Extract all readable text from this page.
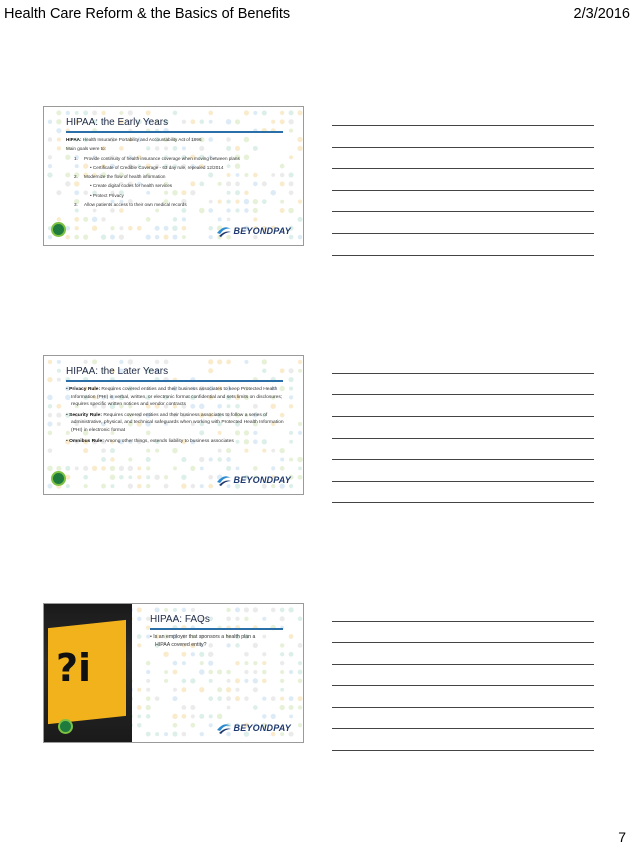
Health Care Reform & the Basics of Benefits	2/3/2016
HIPAA: the Early Years

HIPAA: Health Insurance Portability and Accountability Act of 1996

Main goals were to:

1. Provide continuity of health insurance coverage when moving between plans

• Certificate of Credible Coverage - 63 day rule, repealed 12/2014

2. Modernize the flow of health information

• Create digital codes for health services

• Protect Privacy

3. Allow patients access to their own medical records

BEYONDPAY
HIPAA: the Later Years

• Privacy Rule: Requires covered entities and their business associates to keep Protected Health Information (PHI) in verbal, written, or electronic format confidential and sets limits on disclosures; requires specific written notices and vendor contracts

• Security Rule: Requires covered entities and their business associates to follow a series of administrative, physical, and technical safeguards when working with Protected Health Information (PHI) in electronic format

• Omnibus Rule: Among other things, extends liability to business associates

BEYONDPAY
?i
HIPAA: FAQs

• Is an employer that sponsors a health plan a HIPAA covered entity?

BEYONDPAY
7
